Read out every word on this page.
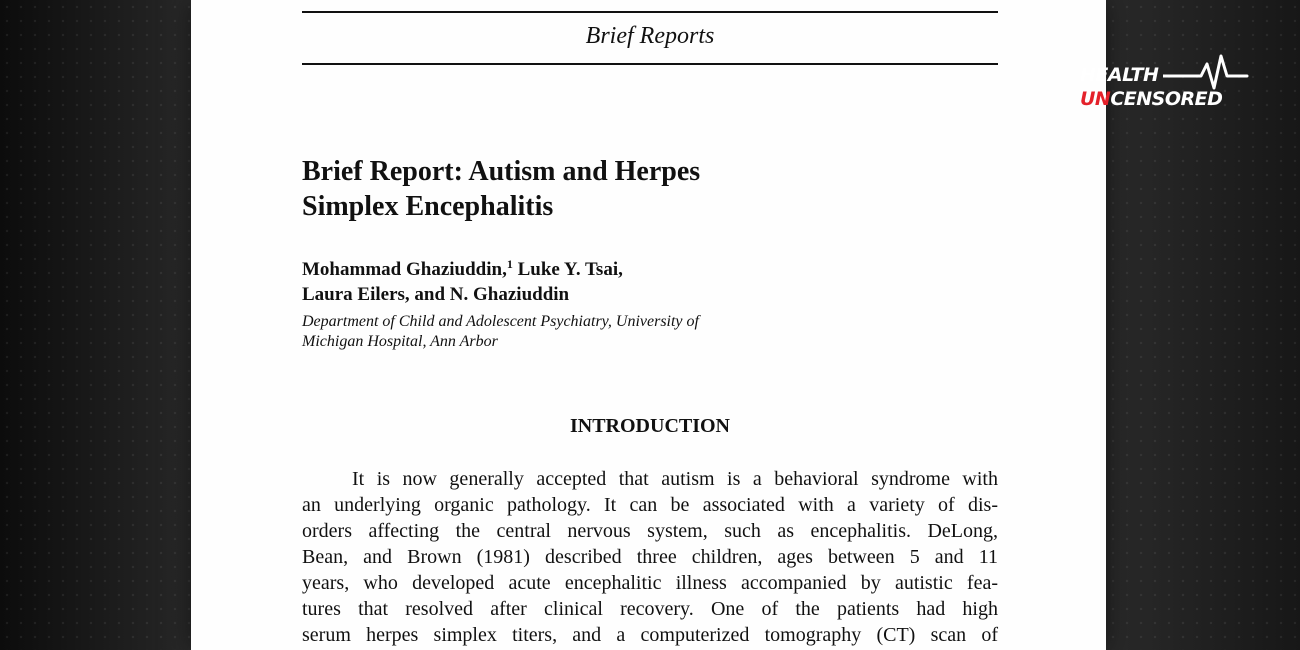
Brief Reports
Brief Report: Autism and Herpes
Simplex Encephalitis

Mohammad Ghaziuddin,$^1$ Luke Y. Tsai,
Laura Eilers, and N. Ghaziuddin

Department of Child and Adolescent Psychiatry, University of
Michigan Hospital, Ann Arbor

INTRODUCTION
It is now generally accepted that autism is a behavioral syndrome with
an underlying organic pathology. It can be associated with a variety of dis-
orders affecting the central nervous system, such as encephalitis. DeLong,
Bean, and Brown (1981) described three children, ages between 5 and 11
years, who developed acute encephalitic illness accompanied by autistic fea-
tures that resolved after clinical recovery. One of the patients had high
serum herpes simplex titers, and a computerized tomography (CT) scan of
HEALTH
UNCENSORED
